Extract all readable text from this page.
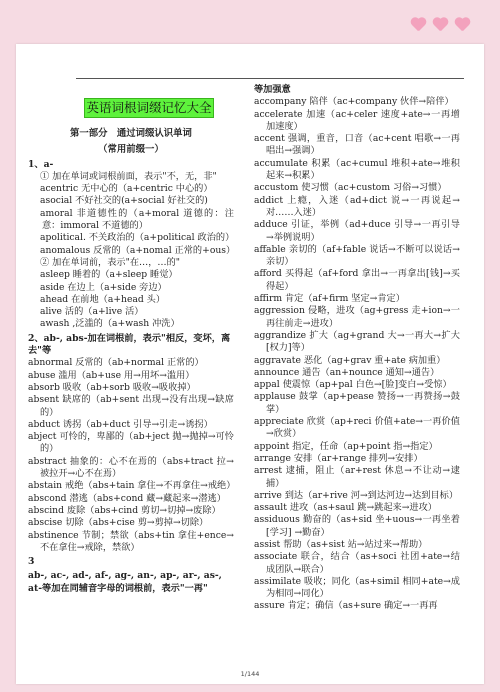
英语词根词缀记忆大全
第一部分　通过词缀认识单词
（常用前缀一）
1、a-
① 加在单词或词根前面，表示"不，无，非"
acentric 无中心的（a+centric 中心的）
asocial 不好社交的(a+social 好社交的)
amoral 非道德性的（a+moral 道德的：注意：immoral 不道德的）
apolitical. 不关政治的（a+political 政治的）
anomalous 反常的（a+nomal 正常的+ous）
② 加在单词前，表示"在…，…的"
asleep 睡着的（a+sleep 睡觉）
aside 在边上（a+side 旁边）
ahead 在前地（a+head 头）
alive 活的（a+live 活）
awash ,泛滥的（a+wash 冲洗）
2、ab-, abs-加在词根前，表示"相反，变坏，离去"等
abnormal 反常的（ab+normal 正常的）
abuse 滥用（ab+use 用→用坏→滥用）
absorb 吸收（ab+sorb 吸收→吸收掉）
absent 缺席的（ab+sent 出现→没有出现→缺席的）
abduct 诱拐（ab+duct 引导→引走→诱拐）
abject 可怜的，卑鄙的（ab+ject 抛→抛掉→可怜的）
abstract 抽象的：心不在焉的（abs+tract 拉→被拉开→心不在焉）
abstain 戒绝（abs+tain 拿住→不再拿住→戒绝）
abscond 潜逃（abs+cond 藏→藏起来→潜逃）
abscind 废除（abs+cind 剪切→切掉→废除）
abscise 切除（abs+cise 剪→剪掉→切除）
abstinence 节制；禁欲（abs+tin 拿住+ence→不在拿住→戒除，禁欲）
3
ab-, ac-, ad-, af-, ag-, an-, ap-, ar-, as-, at-等加在同辅音字母的词根前，表示"一再"
等加强意
accompany 陪伴（ac+company 伙伴→陪伴）
accelerate 加速（ac+celer 速度+ate→一再增加速度）
accent 强调，重音，口音（ac+cent 唱歌→一再唱出→强调）
accumulate 积累（ac+cumul 堆积+ate→堆积起来→积累）
accustom 使习惯（ac+custom 习俗→习惯）
addict 上瘾，入迷（ad+dict 说→一再说起→对……入迷）
adduce 引证，举例（ad+duce 引导→一再引导→举例说明）
affable 亲切的（af+fable 说话→不断可以说话→亲切）
afford 买得起（af+ford 拿出→一再拿出[钱]→买得起）
affirm 肯定（af+firm 坚定→肯定）
aggression 侵略，进攻（ag+gress 走+ion→一再往前走→进攻）
aggrandize 扩大（ag+grand 大→一再大→扩大[权力]等）
aggravate 恶化（ag+grav 重+ate 病加重）
announce 通告（an+nounce 通知→通告）
appal 使震惊（ap+pal 白色→[脸]变白→受惊）
applause 鼓掌（ap+pease 赞扬→一再赞扬→鼓掌）
appreciate 欣赏（ap+reci 价值+ate→一再价值→欣赏）
appoint 指定，任命（ap+point 指→指定）
arrange 安排（ar+range 排列→安排）
arrest 逮捕，阻止（ar+rest 休息→不让动→逮捕）
arrive 到达（ar+rive 河→到达河边→达到目标）
assault 进攻（as+saul 跳→跳起来→进攻）
assiduous 勤奋的（as+sid 坐+uous→一再坐着[学习] →勤奋）
assist 帮助（as+sist 站→站过来→帮助）
associate 联合，结合（as+soci 社团+ate→结成团队→联合）
assimilate 吸收；同化（as+simil 相同+ate→成为相同→同化）
assure 肯定；确信（as+sure 确定→一再再
1/144
